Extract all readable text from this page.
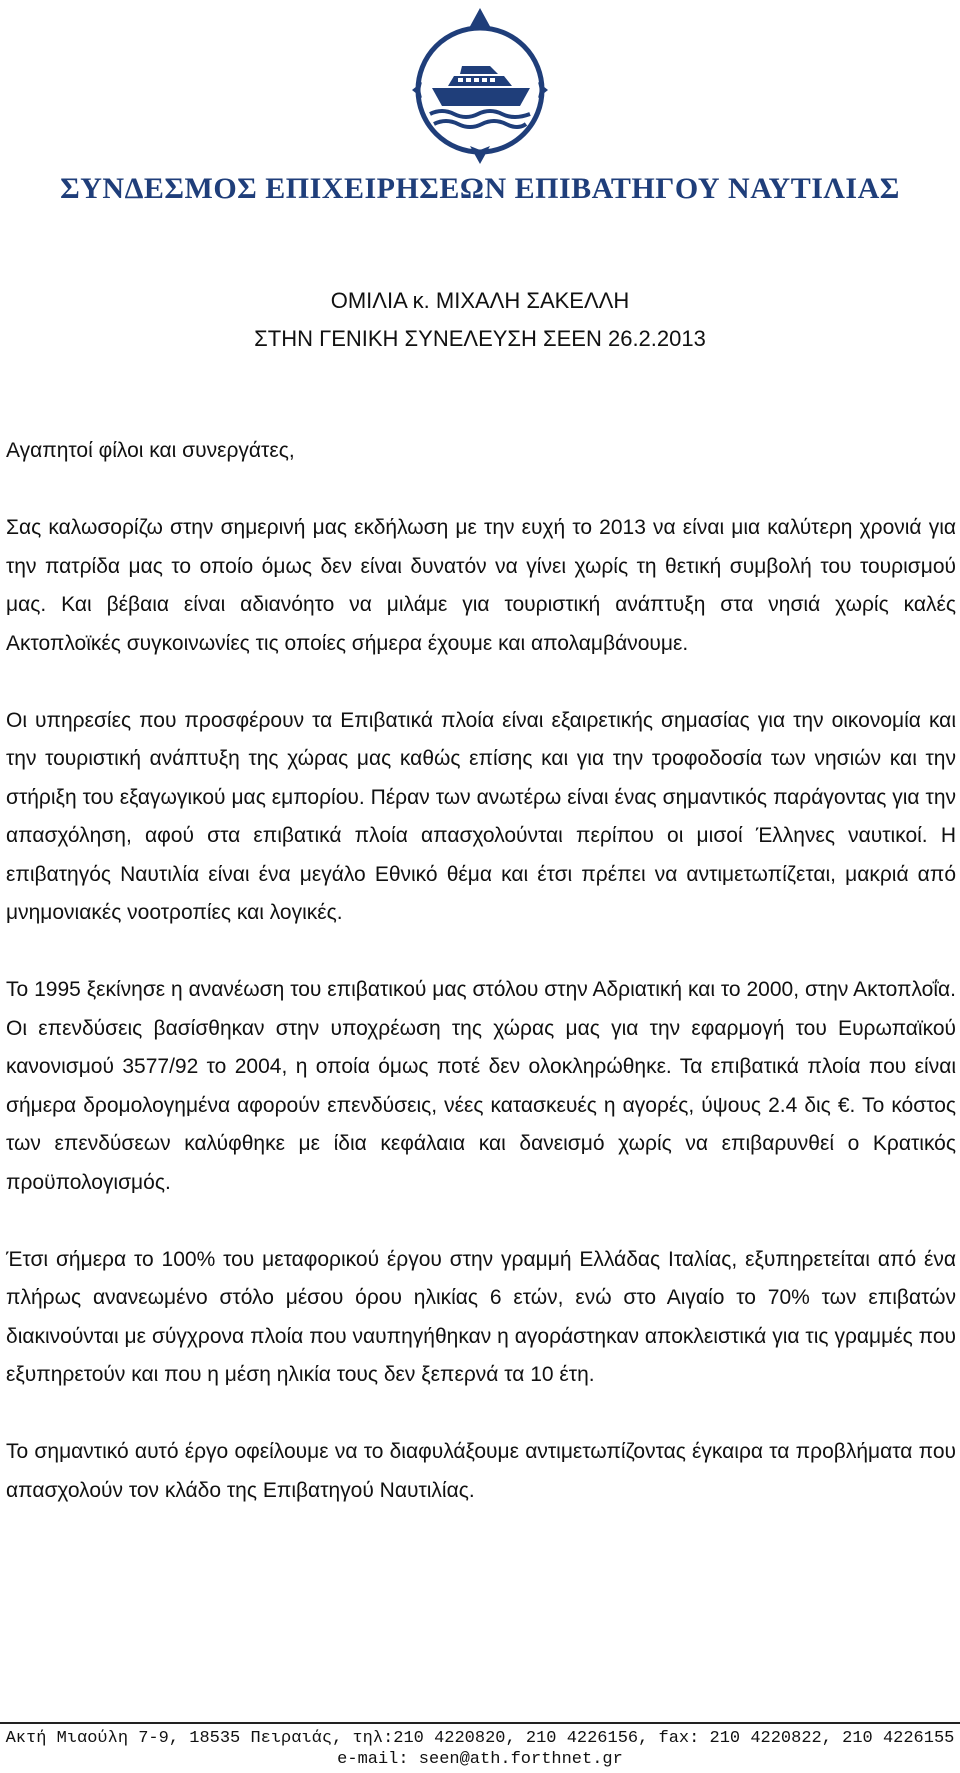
ΣΥΝΔΕΣΜΟΣ ΕΠΙΧΕΙΡΗΣΕΩΝ ΕΠΙΒΑΤΗΓΟΥ ΝΑΥΤΙΛΙΑΣ
ΟΜΙΛΙΑ κ. ΜΙΧΑΛΗ ΣΑΚΕΛΛΗ
ΣΤΗΝ ΓΕΝΙΚΗ ΣΥΝΕΛΕΥΣΗ ΣΕΕΝ 26.2.2013

Αγαπητοί φίλοι και συνεργάτες,

Σας καλωσορίζω στην σημερινή μας εκδήλωση με την ευχή το 2013 να είναι μια καλύτερη χρονιά για την πατρίδα μας το οποίο όμως δεν είναι δυνατόν να γίνει χωρίς τη θετική συμβολή του τουρισμού μας. Και βέβαια είναι αδιανόητο να μιλάμε για τουριστική ανάπτυξη στα νησιά χωρίς καλές Ακτοπλοϊκές συγκοινωνίες τις οποίες σήμερα έχουμε και απολαμβάνουμε.

Οι υπηρεσίες που προσφέρουν τα Επιβατικά πλοία είναι εξαιρετικής σημασίας για την οικονομία και την τουριστική ανάπτυξη της χώρας μας καθώς επίσης και για την τροφοδοσία των νησιών και την στήριξη του εξαγωγικού μας εμπορίου. Πέραν των ανωτέρω είναι ένας σημαντικός παράγοντας για την απασχόληση, αφού στα επιβατικά πλοία απασχολούνται περίπου οι μισοί Έλληνες ναυτικοί. Η επιβατηγός Ναυτιλία είναι ένα μεγάλο Εθνικό θέμα και έτσι πρέπει να αντιμετωπίζεται, μακριά από μνημονιακές νοοτροπίες και λογικές.

Το 1995 ξεκίνησε η ανανέωση του επιβατικού μας στόλου στην Αδριατική και το 2000, στην Ακτοπλοΐα. Οι επενδύσεις βασίσθηκαν στην υποχρέωση της χώρας μας για την εφαρμογή του Ευρωπαϊκού κανονισμού 3577/92 το 2004, η οποία όμως ποτέ δεν ολοκληρώθηκε. Τα επιβατικά πλοία που είναι σήμερα δρομολογημένα αφορούν επενδύσεις, νέες κατασκευές η αγορές, ύψους 2.4 δις €. Το κόστος των επενδύσεων καλύφθηκε με ίδια κεφάλαια και δανεισμό χωρίς να επιβαρυνθεί ο Κρατικός προϋπολογισμός.

Έτσι σήμερα το 100% του μεταφορικού έργου στην γραμμή Ελλάδας Ιταλίας, εξυπηρετείται από ένα πλήρως ανανεωμένο στόλο μέσου όρου ηλικίας 6 ετών, ενώ στο Αιγαίο το 70% των επιβατών διακινούνται με σύγχρονα πλοία που ναυπηγήθηκαν η αγοράστηκαν αποκλειστικά για τις γραμμές που εξυπηρετούν και που η μέση ηλικία τους δεν ξεπερνά τα 10 έτη.

Το σημαντικό αυτό έργο οφείλουμε να το διαφυλάξουμε αντιμετωπίζοντας έγκαιρα τα προβλήματα που απασχολούν τον κλάδο της Επιβατηγού Ναυτιλίας.

Ακτή Μιαούλη 7-9, 18535 Πειραιάς, τηλ:210 4220820, 210 4226156, fax: 210 4220822, 210 4226155
e-mail: seen@ath.forthnet.gr
